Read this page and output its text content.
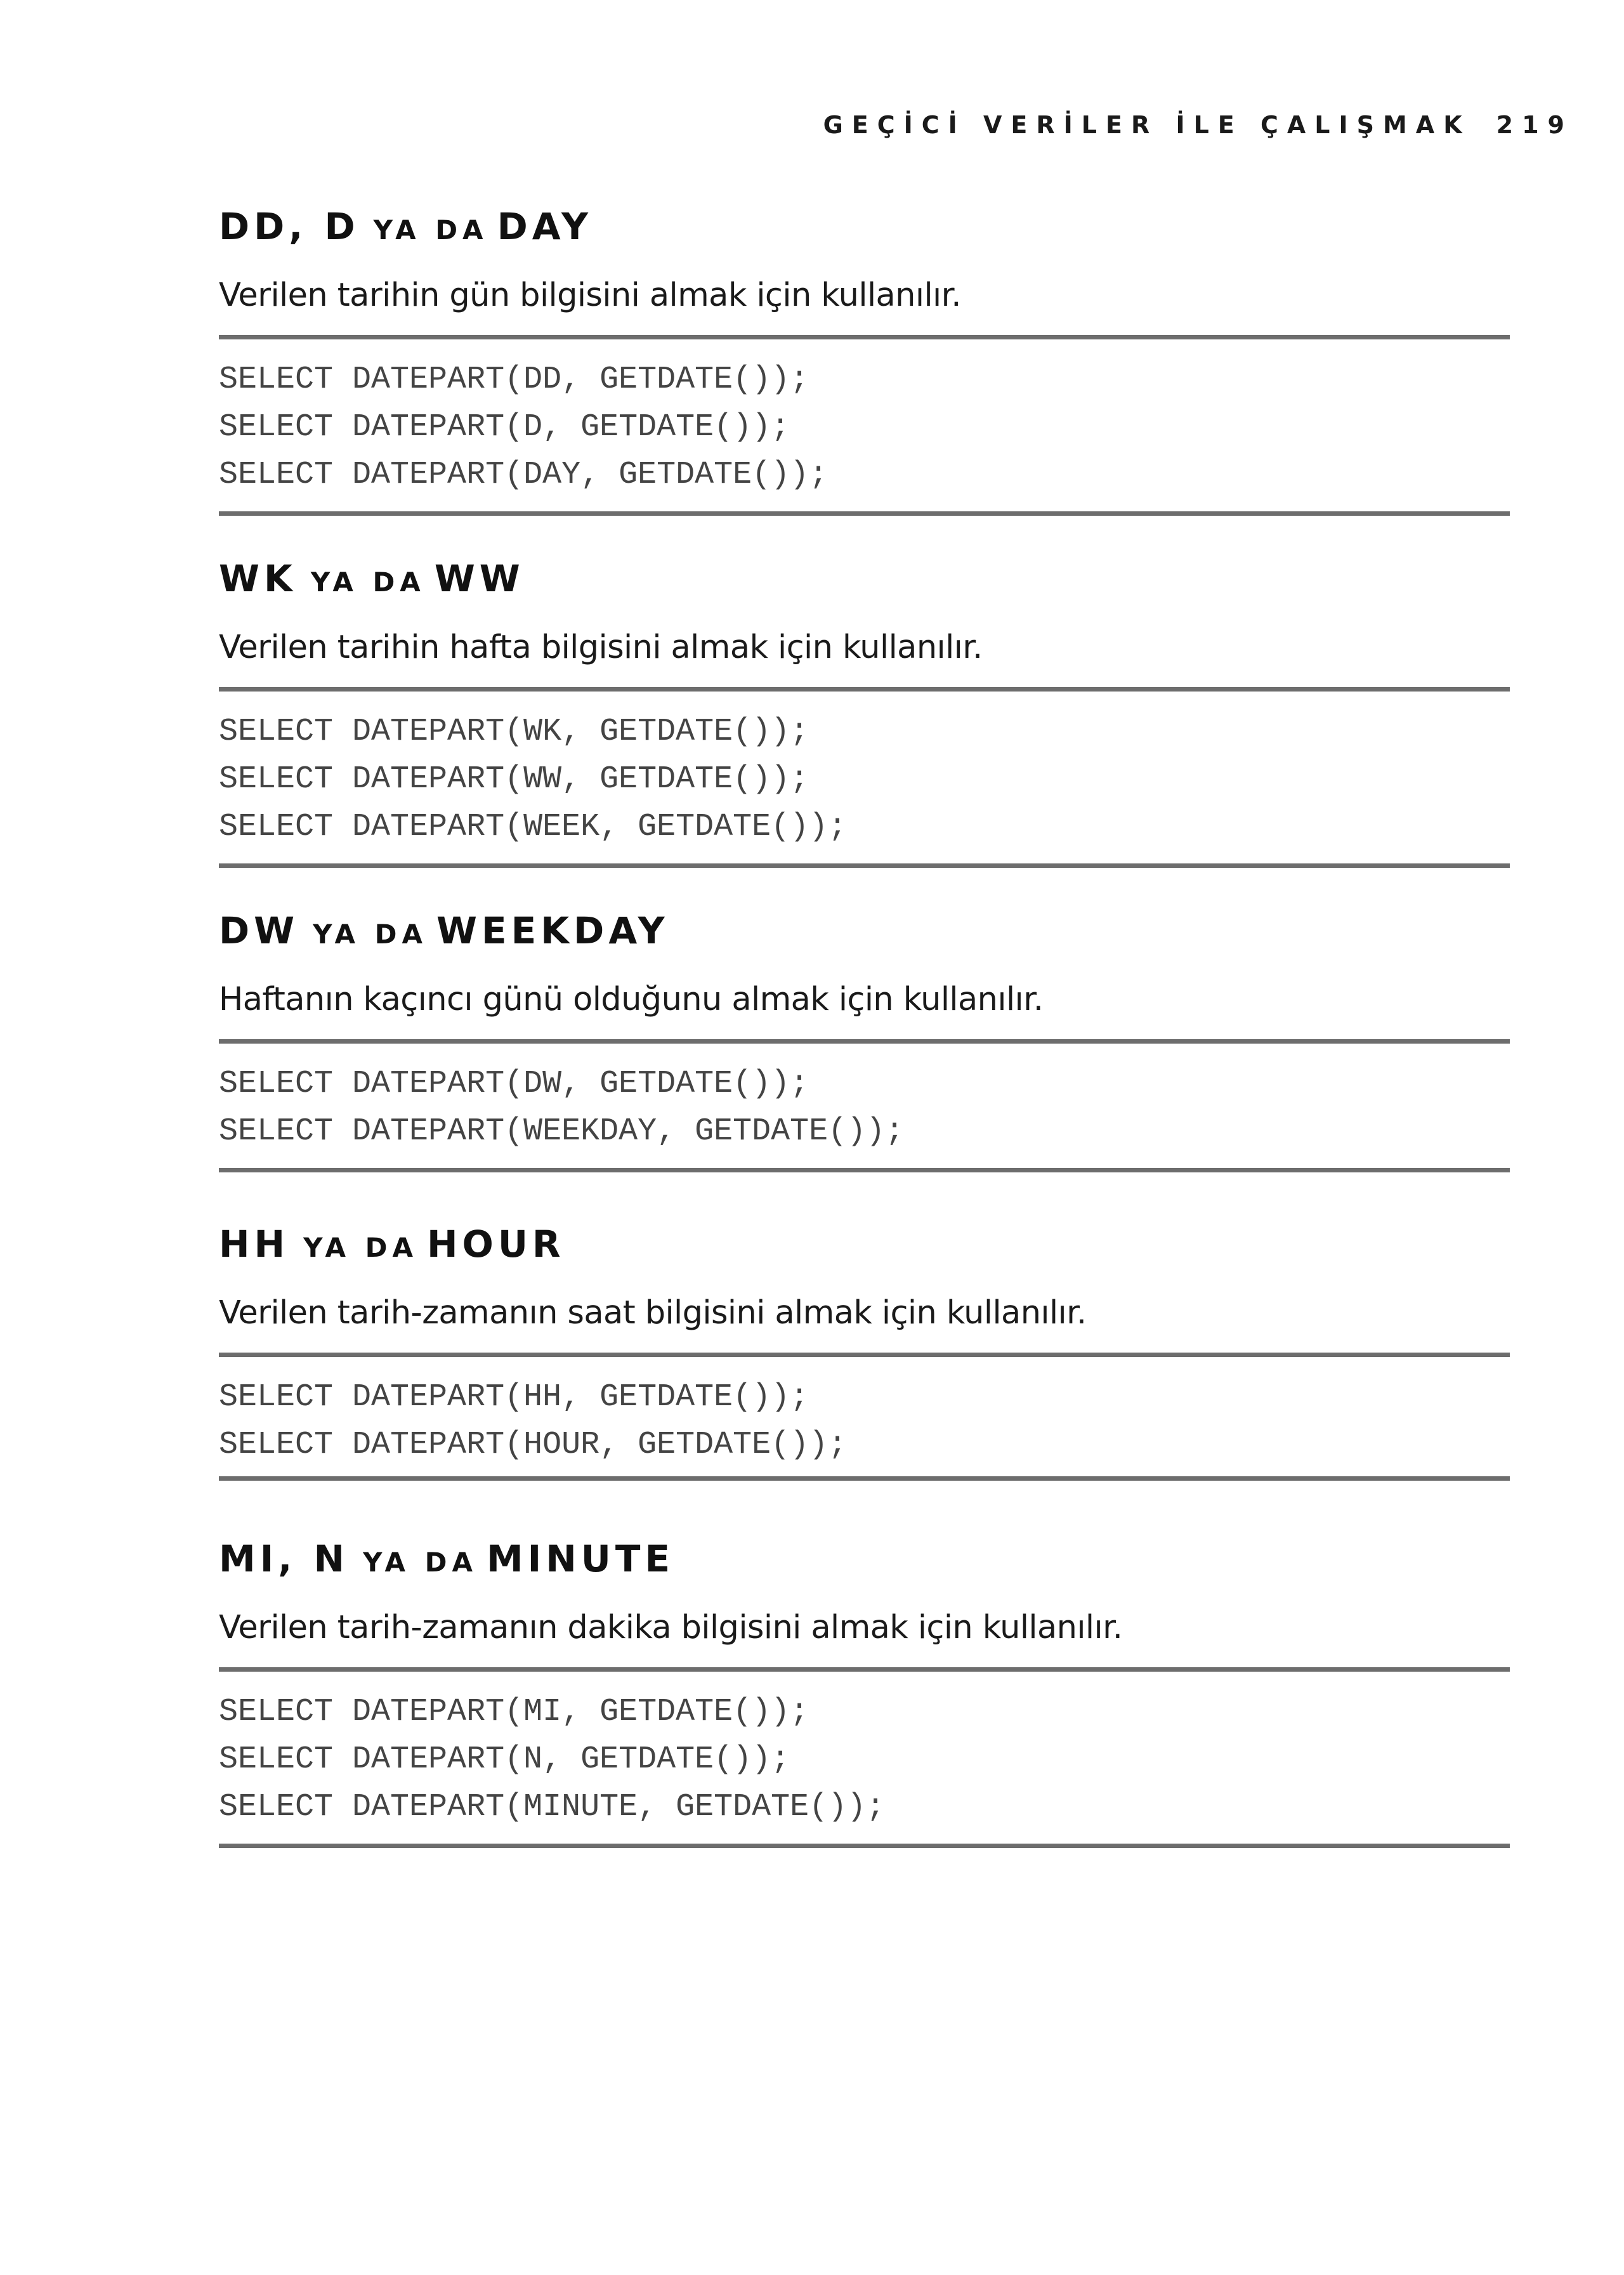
GEÇİCİ VERİLER İLE ÇALIŞMAK 219
DD, D YA DA DAY
Verilen tarihin gün bilgisini almak için kullanılır.
SELECT DATEPART(DD, GETDATE());
SELECT DATEPART(D, GETDATE());
SELECT DATEPART(DAY, GETDATE());
WK YA DA WW
Verilen tarihin hafta bilgisini almak için kullanılır.
SELECT DATEPART(WK, GETDATE());
SELECT DATEPART(WW, GETDATE());
SELECT DATEPART(WEEK, GETDATE());
DW YA DA WEEKDAY
Haftanın kaçıncı günü olduğunu almak için kullanılır.
SELECT DATEPART(DW, GETDATE());
SELECT DATEPART(WEEKDAY, GETDATE());
HH YA DA HOUR
Verilen tarih-zamanın saat bilgisini almak için kullanılır.
SELECT DATEPART(HH, GETDATE());
SELECT DATEPART(HOUR, GETDATE());
MI, N YA DA MINUTE
Verilen tarih-zamanın dakika bilgisini almak için kullanılır.
SELECT DATEPART(MI, GETDATE());
SELECT DATEPART(N, GETDATE());
SELECT DATEPART(MINUTE, GETDATE());
